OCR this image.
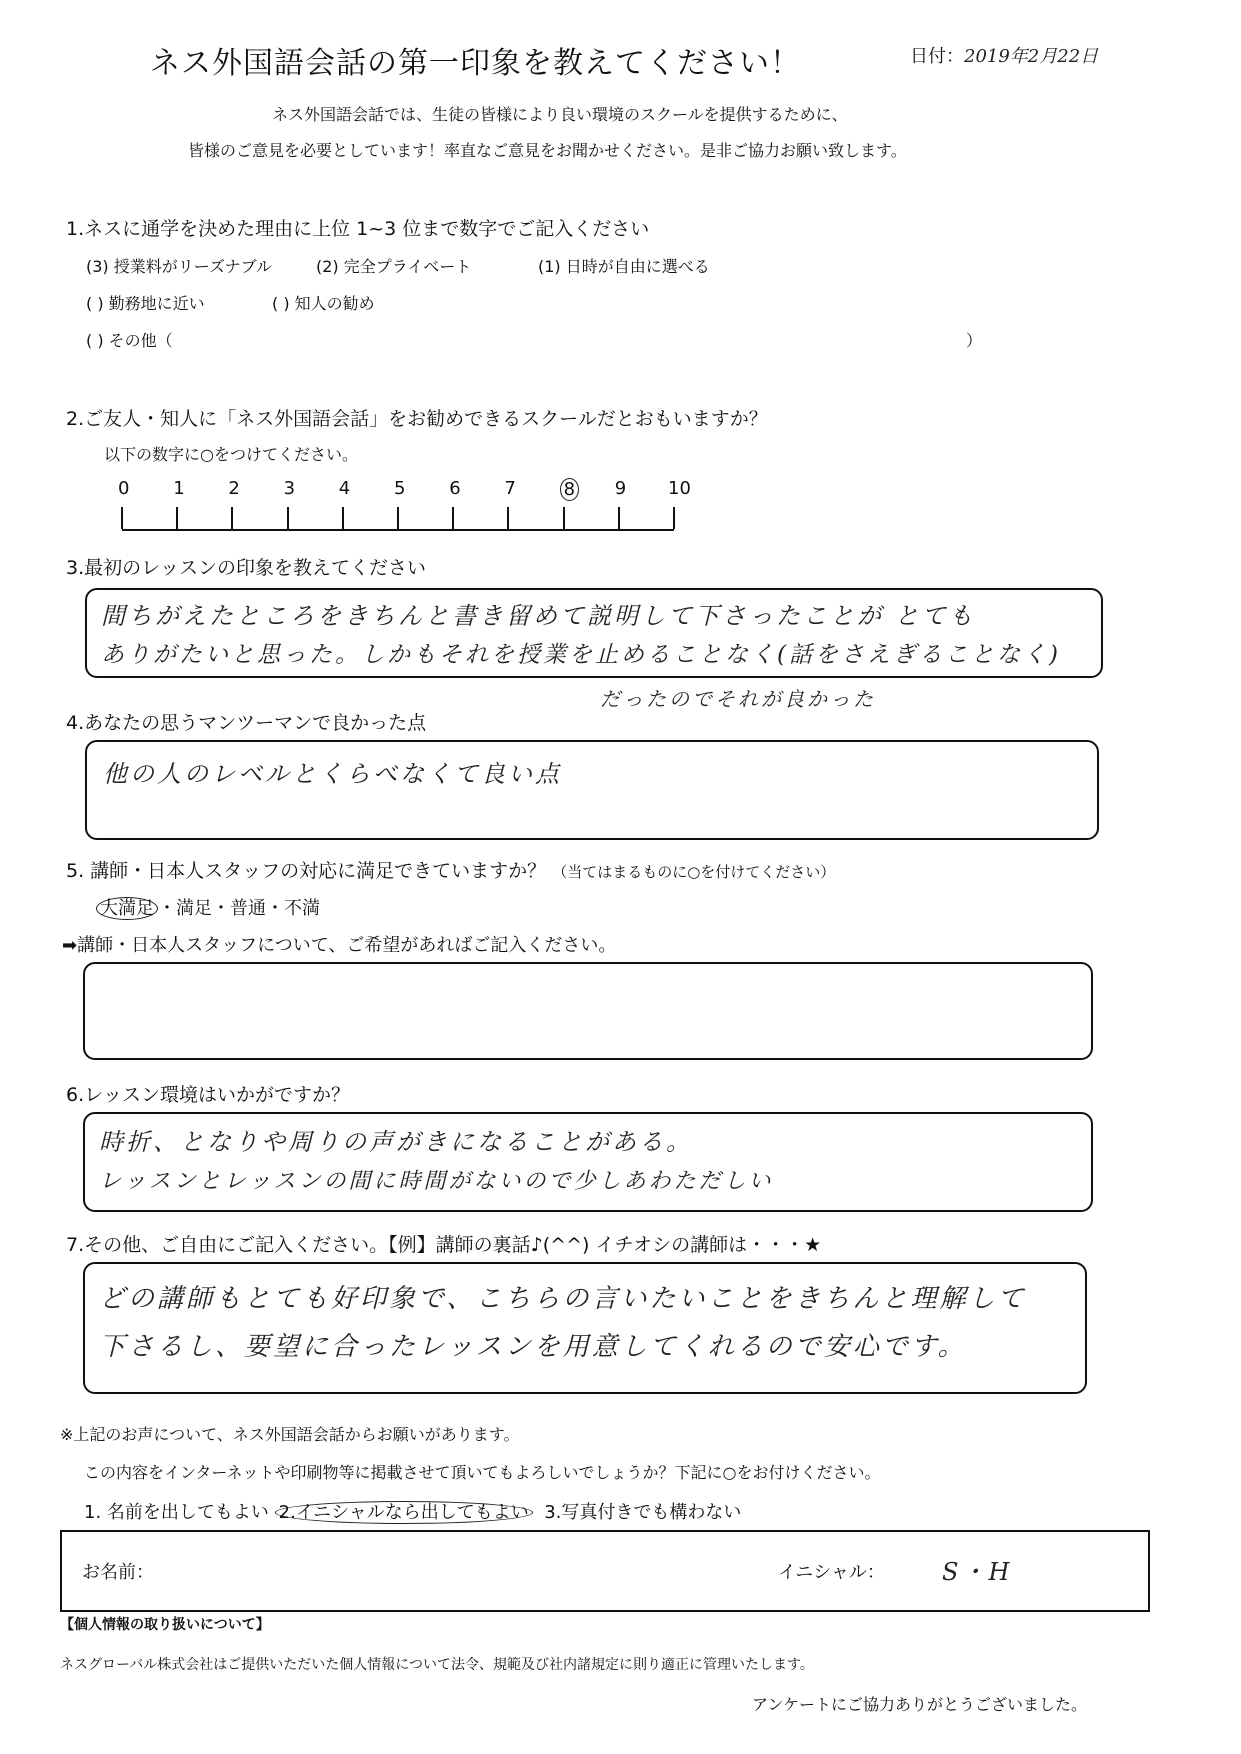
ネス外国語会話の第一印象を教えてください！	日付：2019年2月22日
ネス外国語会話では、生徒の皆様により良い環境のスクールを提供するために、
皆様のご意見を必要としています！率直なご意見をお聞かせください。是非ご協力お願い致します。
1.ネスに通学を決めた理由に上位 1~3 位まで数字でご記入ください
(3) 授業料がリーズナブル	(2) 完全プライベート	(1) 日時が自由に選べる
( ) 勤務地に近い	( ) 知人の勧め
( ) その他（	）
2.ご友人・知人に「ネス外国語会話」をお勧めできるスクールだとおもいますか？
以下の数字に○をつけてください。
0 1 2 3 4 5 6 7	8 9 10
3.最初のレッスンの印象を教えてください
間ちがえたところをきちんと書き留めて説明して下さったことが とても
ありがたいと思った。しかもそれを授業を止めることなく(話をさえぎることなく)
だったのでそれが良かった
4.あなたの思うマンツーマンで良かった点
他の人のレベルとくらべなくて良い点
5. 講師・日本人スタッフの対応に満足できていますか？ （当てはまるものに○を付けてください）
大満足 ・満足・普通・不満
➡講師・日本人スタッフについて、ご希望があればご記入ください。
6.レッスン環境はいかがですか？
時折、となりや周りの声がきになることがある。
レッスンとレッスンの間に時間がないので少しあわただしい
7.その他、ご自由にご記入ください。【例】講師の裏話♪(^^) イチオシの講師は・・・★
どの講師もとても好印象で、こちらの言いたいことをきちんと理解して
下さるし、要望に合ったレッスンを用意してくれるので安心です。
※上記のお声について、ネス外国語会話からお願いがあります。
この内容をインターネットや印刷物等に掲載させて頂いてもよろしいでしょうか？下記に○をお付けください。
1. 名前を出してもよい 2.イニシャルなら出してもよい 3.写真付きでも構わない
お名前：	イニシャル： S・H
【個人情報の取り扱いについて】
ネスグローバル株式会社はご提供いただいた個人情報について法令、規範及び社内諸規定に則り適正に管理いたします。
アンケートにご協力ありがとうございました。
